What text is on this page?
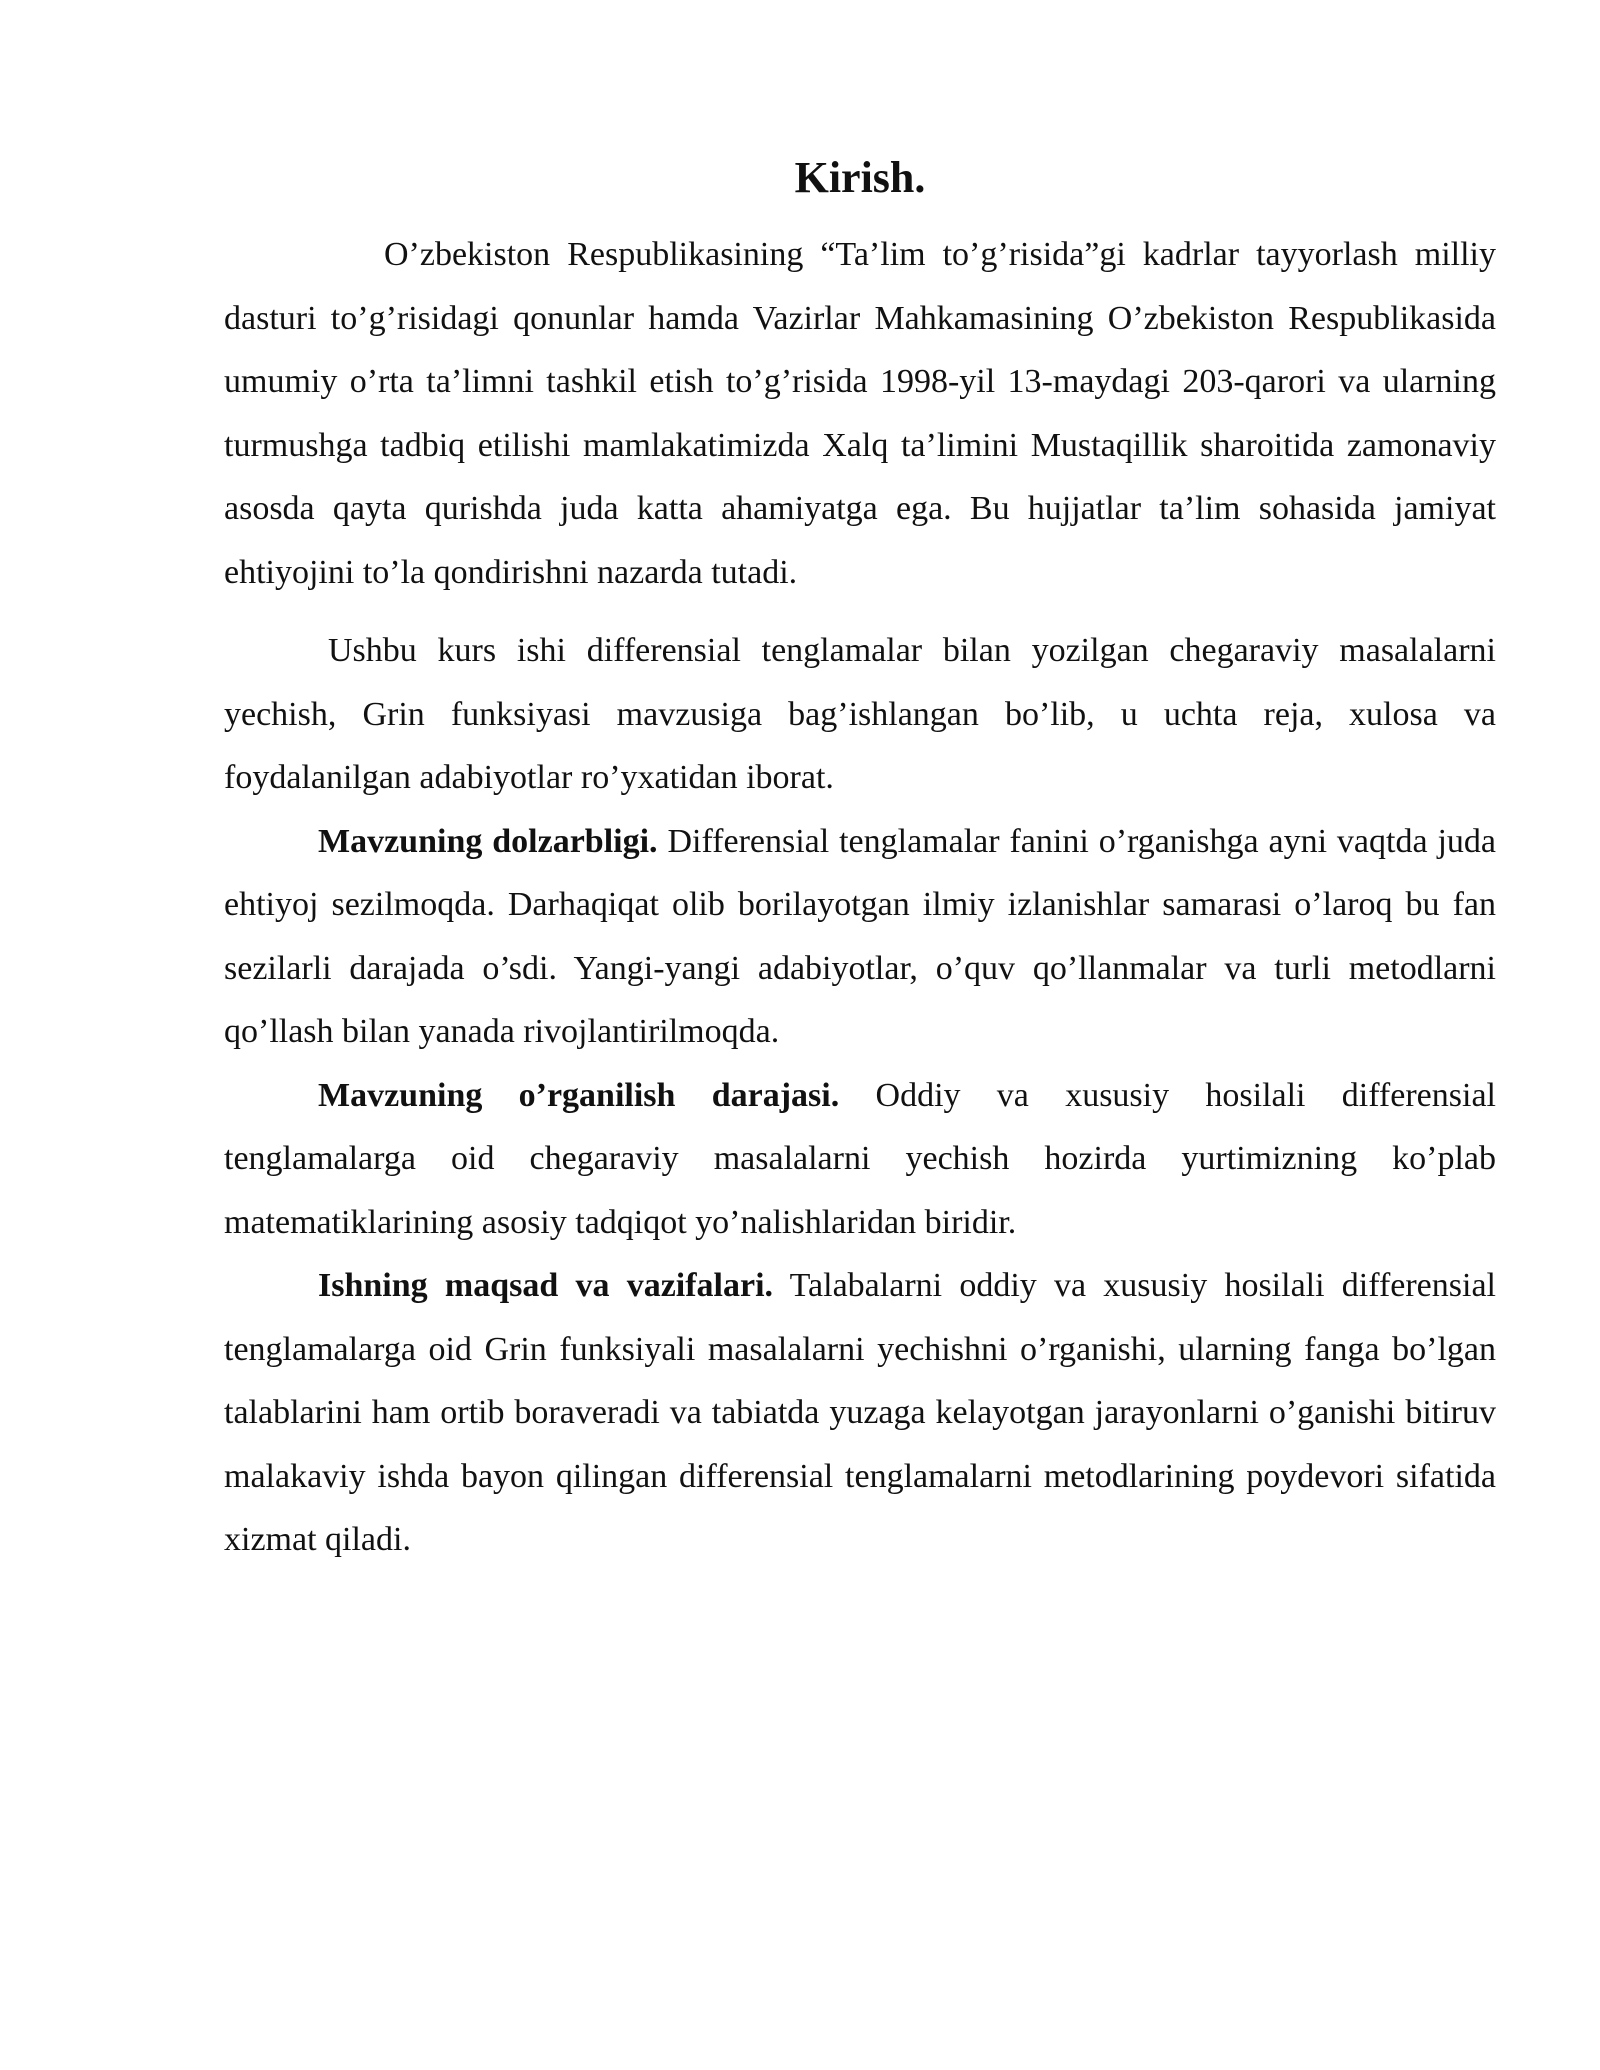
Kirish.

O’zbekiston Respublikasining “Ta’lim to’g’risida”gi kadrlar tayyorlash milliy dasturi to’g’risidagi qonunlar hamda Vazirlar Mahkamasining O’zbekiston Respublikasida umumiy o’rta ta’limni tashkil etish to’g’risida 1998-yil 13-maydagi 203-qarori va ularning turmushga tadbiq etilishi mamlakatimizda Xalq ta’limini Mustaqillik sharoitida zamonaviy asosda qayta qurishda juda katta ahamiyatga ega. Bu hujjatlar ta’lim sohasida jamiyat ehtiyojini to’la qondirishni nazarda tutadi.

Ushbu kurs ishi differensial tenglamalar bilan yozilgan chegaraviy masalalarni yechish, Grin funksiyasi mavzusiga bag’ishlangan bo’lib, u uchta reja, xulosa va foydalanilgan adabiyotlar ro’yxatidan iborat.

Mavzuning dolzarbligi. Differensial tenglamalar fanini o’rganishga ayni vaqtda juda ehtiyoj sezilmoqda. Darhaqiqat olib borilayotgan ilmiy izlanishlar samarasi o’laroq bu fan sezilarli darajada o’sdi. Yangi-yangi adabiyotlar, o’quv qo’llanmalar va turli metodlarni qo’llash bilan yanada rivojlantirilmoqda.

Mavzuning o’rganilish darajasi. Oddiy va xususiy hosilali differensial tenglamalarga oid chegaraviy masalalarni yechish hozirda yurtimizning ko’plab matematiklarining asosiy tadqiqot yo’nalishlaridan biridir.

Ishning maqsad va vazifalari. Talabalarni oddiy va xususiy hosilali differensial tenglamalarga oid Grin funksiyali masalalarni yechishni o’rganishi, ularning fanga bo’lgan talablarini ham ortib boraveradi va tabiatda yuzaga kelayotgan jarayonlarni o’ganishi bitiruv malakaviy ishda bayon qilingan differensial tenglamalarni metodlarining poydevori sifatida xizmat qiladi.
